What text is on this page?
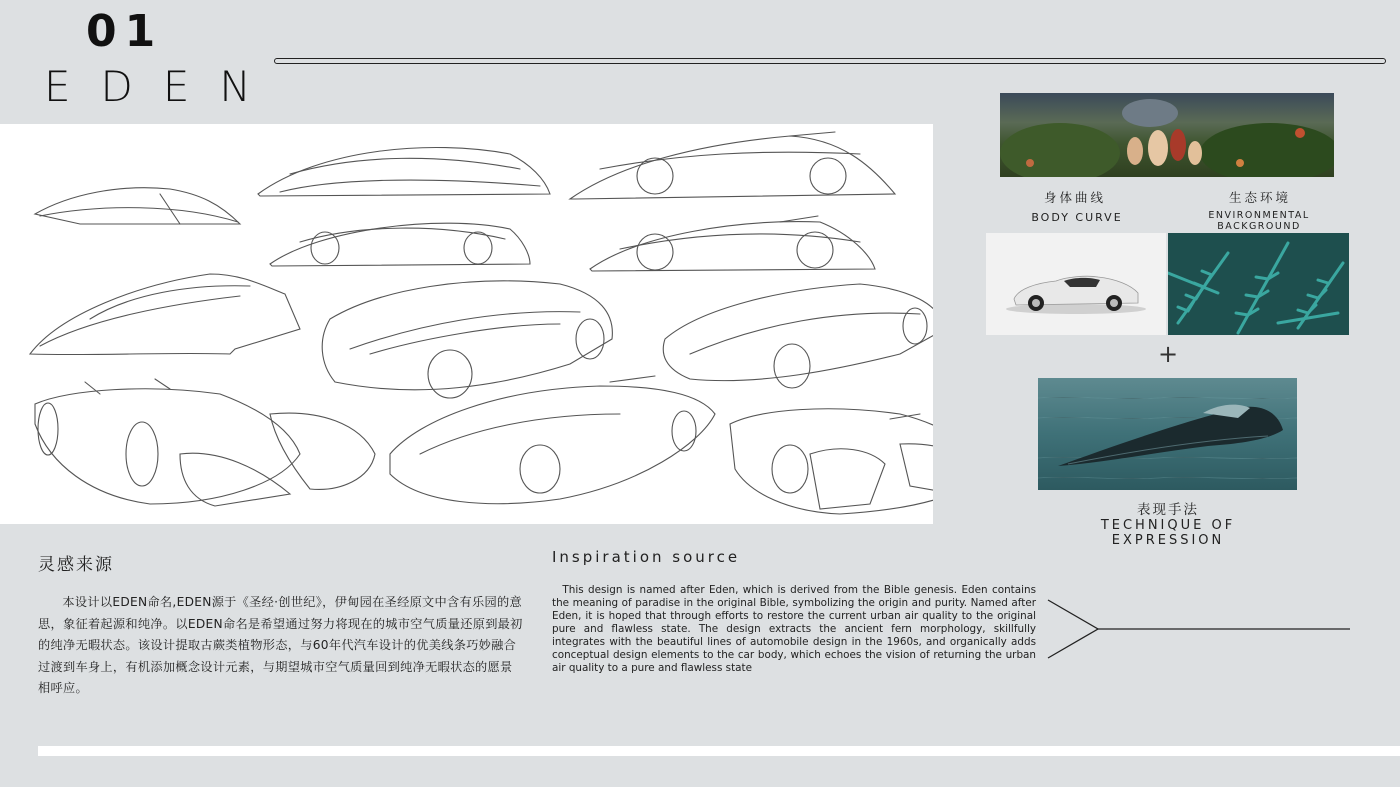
01
EDEN
身体曲线
BODY CURVE
生态环境
ENVIRONMENTAL BACKGROUND
+
表现手法
TECHNIQUE OF EXPRESSION
灵感来源
本设计以EDEN命名,EDEN源于《圣经·创世纪》，伊甸园在圣经原文中含有乐园的意思，象征着起源和纯净。以EDEN命名是希望通过努力将现在的城市空气质量还原到最初的纯净无暇状态。该设计提取古蕨类植物形态，与60年代汽车设计的优美线条巧妙融合过渡到车身上，有机添加概念设计元素，与期望城市空气质量回到纯净无暇状态的愿景相呼应。
Inspiration source
This design is named after Eden, which is derived from the Bible genesis. Eden contains the meaning of paradise in the original Bible, symbolizing the origin and purity. Named after Eden, it is hoped that through efforts to restore the current urban air quality to the original pure and flawless state. The design extracts the ancient fern morphology, skillfully integrates with the beautiful lines of automobile design in the 1960s, and organically adds conceptual design elements to the car body, which echoes the vision of returning the urban air quality to a pure and flawless state
